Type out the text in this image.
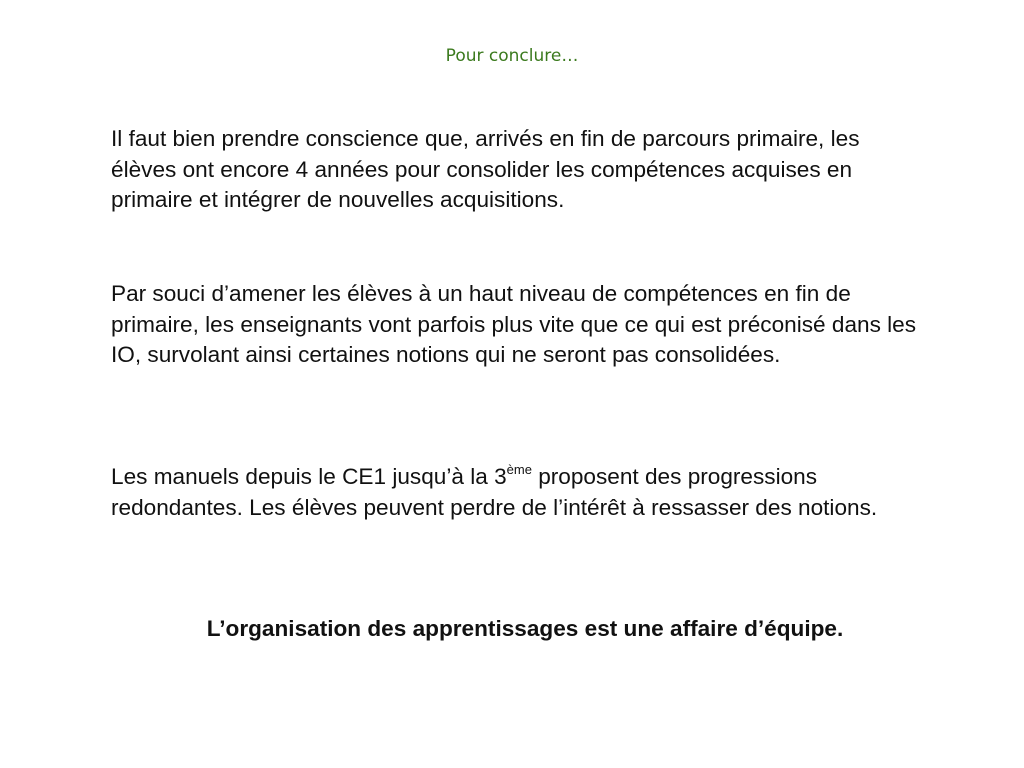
Pour conclure…

Il faut bien prendre conscience que, arrivés en fin de parcours primaire, les élèves ont encore 4 années pour consolider les compétences acquises en primaire et intégrer de nouvelles acquisitions.

Par souci d’amener les élèves à un haut niveau de compétences en fin de primaire, les enseignants vont parfois plus vite que ce qui est préconisé dans les IO, survolant ainsi certaines notions qui ne seront pas consolidées.

Les manuels depuis le CE1 jusqu’à la 3ème proposent des progressions redondantes. Les élèves peuvent perdre de l’intérêt à ressasser des notions.

L’organisation des apprentissages est une affaire d’équipe.
